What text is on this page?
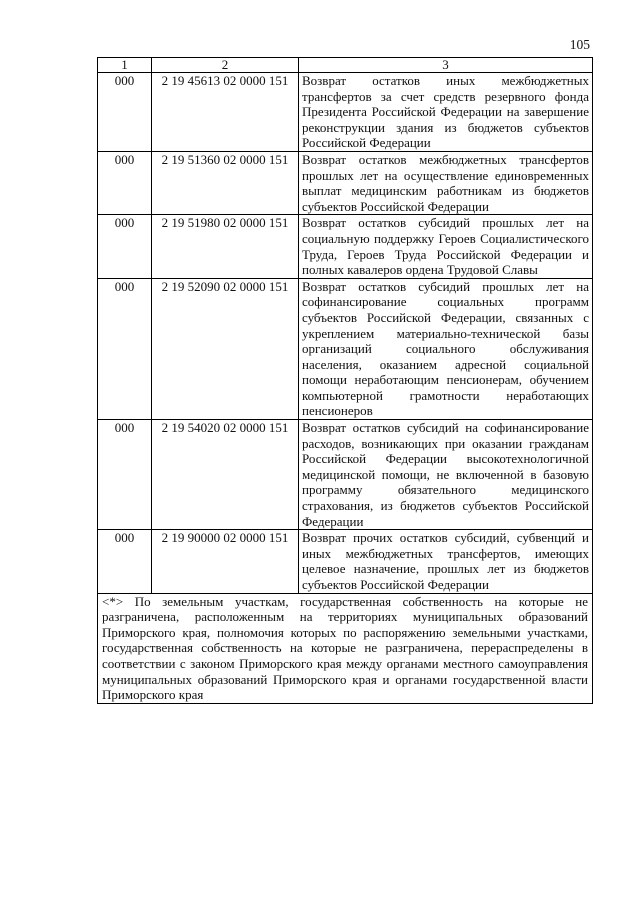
105
1	2	3
000	2 19 45613 02 0000 151	Возврат остатков иных межбюджетных трансфертов за счет средств резервного фонда Президента Российской Федерации на завершение реконструкции здания из бюджетов субъектов Российской Федерации
000	2 19 51360 02 0000 151	Возврат остатков межбюджетных трансфертов прошлых лет на осуществление единовременных выплат медицинским работникам из бюджетов субъектов Российской Федерации
000	2 19 51980 02 0000 151	Возврат остатков субсидий прошлых лет на социальную поддержку Героев Социалистического Труда, Героев Труда Российской Федерации и полных кавалеров ордена Трудовой Славы
000	2 19 52090 02 0000 151	Возврат остатков субсидий прошлых лет на софинансирование социальных программ субъектов Российской Федерации, связанных с укреплением материально-технической базы организаций социального обслуживания населения, оказанием адресной социальной помощи неработающим пенсионерам, обучением компьютерной грамотности неработающих пенсионеров
000	2 19 54020 02 0000 151	Возврат остатков субсидий на софинансирование расходов, возникающих при оказании гражданам Российской Федерации высокотехнологичной медицинской помощи, не включенной в базовую программу обязательного медицинского страхования, из бюджетов субъектов Российской Федерации
000	2 19 90000 02 0000 151	Возврат прочих остатков субсидий, субвенций и иных межбюджетных трансфертов, имеющих целевое назначение, прошлых лет из бюджетов субъектов Российской Федерации
<*> По земельным участкам, государственная собственность на которые не разграничена, расположенным на территориях муниципальных образований Приморского края, полномочия которых по распоряжению земельными участками, государственная собственность на которые не разграничена, перераспределены в соответствии с законом Приморского края между органами местного самоуправления муниципальных образований Приморского края и органами государственной власти Приморского края		
